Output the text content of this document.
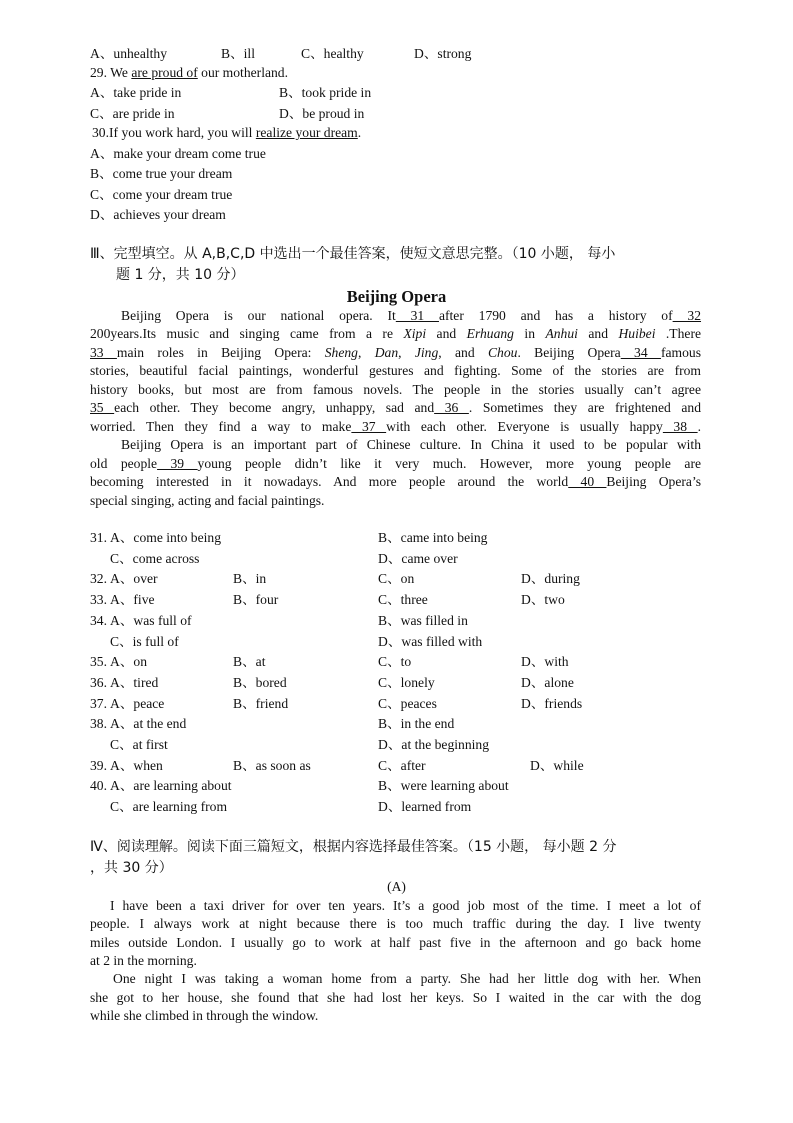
A、unhealthy	B、ill	C、healthy	D、strong
29. We are proud of our motherland.
A、take pride in	B、took pride in
C、are pride in	D、be proud in
30.If you work hard, you will realize your dream.
A、make your dream come true
B、come true your dream
C、come your dream true
D、achieves your dream
Ⅲ、完型填空。从 A,B,C,D 中选出一个最佳答案，使短文意思完整。（10 小题， 每小
题 1 分，共 10 分）
Beijing Opera
Beijing Opera is our national opera. It 31 after 1790 and has a history of 32
200years.Its music and singing came from a re Xipi and Erhuang in Anhui and Huibei .There
33 main roles in Beijing Opera: Sheng, Dan, Jing, and Chou. Beijing Opera 34 famous
stories, beautiful facial paintings, wonderful gestures and fighting. Some of the stories are from
history books, but most are from famous novels. The people in the stories usually can’t agree
35 each other. They become angry, unhappy, sad and 36 . Sometimes they are frightened and
worried. Then they find a way to make 37 with each other. Everyone is usually happy 38 .
Beijing Opera is an important part of Chinese culture. In China it used to be popular with
old people 39 young people didn’t like it very much. However, more young people are
becoming interested in it nowadays. And more people around the world 40 Beijing Opera’s
special singing, acting and facial paintings.
31. A、come into being	B、came into being
C、come across	D、came over
32. A、over	B、in	C、on	D、during
33. A、five	B、four	C、three	D、two
34. A、was full of	B、was filled in
C、is full of	D、was filled with
35. A、on	B、at	C、to	D、with
36. A、tired	B、bored	C、lonely	D、alone
37. A、peace	B、friend	C、peaces	D、friends
38. A、at the end	B、in the end
C、at first	D、at the beginning
39. A、when	B、as soon as	C、after	D、while
40. A、are learning about	B、were learning about
C、are learning from	D、learned from
Ⅳ、阅读理解。阅读下面三篇短文，根据内容选择最佳答案。（15 小题， 每小题 2 分
，共 30 分）
(A)
I have been a taxi driver for over ten years. It’s a good job most of the time. I meet a lot of
people. I always work at night because there is too much traffic during the day. I live twenty
miles outside London. I usually go to work at half past five in the afternoon and go back home
at 2 in the morning.
One night I was taking a woman home from a party. She had her little dog with her. When
she got to her house, she found that she had lost her keys. So I waited in the car with the dog
while she climbed in through the window.
